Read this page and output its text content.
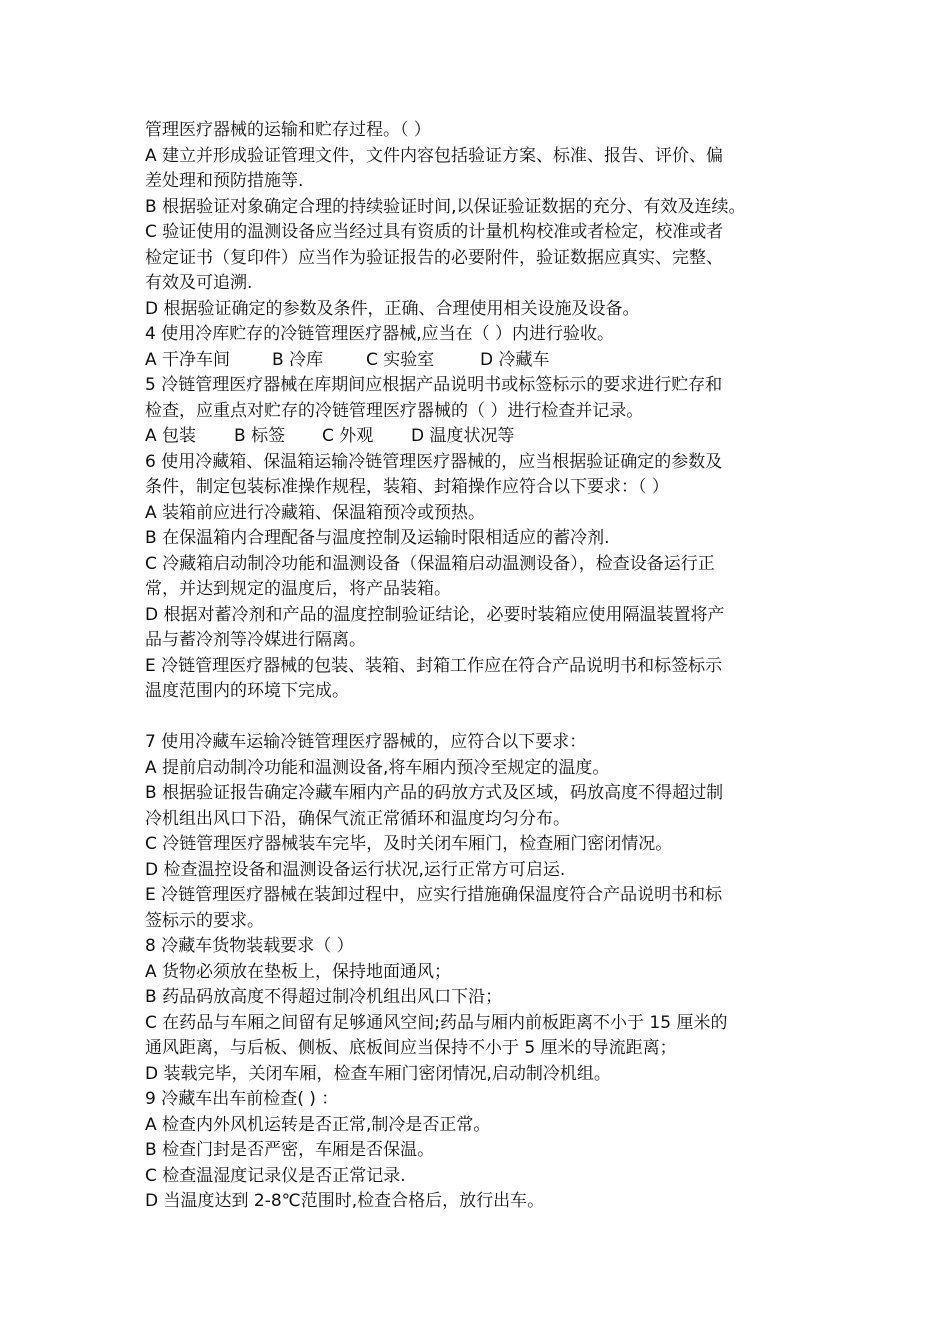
管理医疗器械的运输和贮存过程。（ ）
A 建立并形成验证管理文件，文件内容包括验证方案、标准、报告、评价、偏
差处理和预防措施等.
B 根据验证对象确定合理的持续验证时间,以保证验证数据的充分、有效及连续。
C 验证使用的温测设备应当经过具有资质的计量机构校准或者检定，校准或者
检定证书（复印件）应当作为验证报告的必要附件，验证数据应真实、完整、
有效及可追溯.
D 根据验证确定的参数及条件，正确、合理使用相关设施及设备。
4 使用冷库贮存的冷链管理医疗器械,应当在（ ）内进行验收。
A 干净车间 B 冷库	C 实验室	D 冷藏车
5 冷链管理医疗器械在库期间应根据产品说明书或标签标示的要求进行贮存和
检查，应重点对贮存的冷链管理医疗器械的（ ）进行检查并记录。
A 包装 B 标签 C 外观 D 温度状况等
6 使用冷藏箱、保温箱运输冷链管理医疗器械的，应当根据验证确定的参数及
条件，制定包装标准操作规程，装箱、封箱操作应符合以下要求：（ ）
A 装箱前应进行冷藏箱、保温箱预冷或预热。
B 在保温箱内合理配备与温度控制及运输时限相适应的蓄冷剂.
C 冷藏箱启动制冷功能和温测设备（保温箱启动温测设备），检查设备运行正
常，并达到规定的温度后，将产品装箱。
D 根据对蓄冷剂和产品的温度控制验证结论，必要时装箱应使用隔温装置将产
品与蓄冷剂等冷媒进行隔离。
E 冷链管理医疗器械的包装、装箱、封箱工作应在符合产品说明书和标签标示
温度范围内的环境下完成。
7 使用冷藏车运输冷链管理医疗器械的，应符合以下要求：
A 提前启动制冷功能和温测设备,将车厢内预冷至规定的温度。
B 根据验证报告确定冷藏车厢内产品的码放方式及区域，码放高度不得超过制
冷机组出风口下沿，确保气流正常循环和温度均匀分布。
C 冷链管理医疗器械装车完毕，及时关闭车厢门，检查厢门密闭情况。
D 检查温控设备和温测设备运行状况,运行正常方可启运.
E 冷链管理医疗器械在装卸过程中，应实行措施确保温度符合产品说明书和标
签标示的要求。
8 冷藏车货物装载要求（ ）
A 货物必须放在垫板上，保持地面通风；
B 药品码放高度不得超过制冷机组出风口下沿；
C 在药品与车厢之间留有足够通风空间;药品与厢内前板距离不小于 15 厘米的
通风距离，与后板、侧板、底板间应当保持不小于 5 厘米的导流距离；
D 装载完毕，关闭车厢，检查车厢门密闭情况,启动制冷机组。
9 冷藏车出车前检查( ) ：
A 检查内外风机运转是否正常,制冷是否正常。
B 检查门封是否严密，车厢是否保温。
C 检查温湿度记录仪是否正常记录.
D 当温度达到 2-8℃范围时,检查合格后，放行出车。
